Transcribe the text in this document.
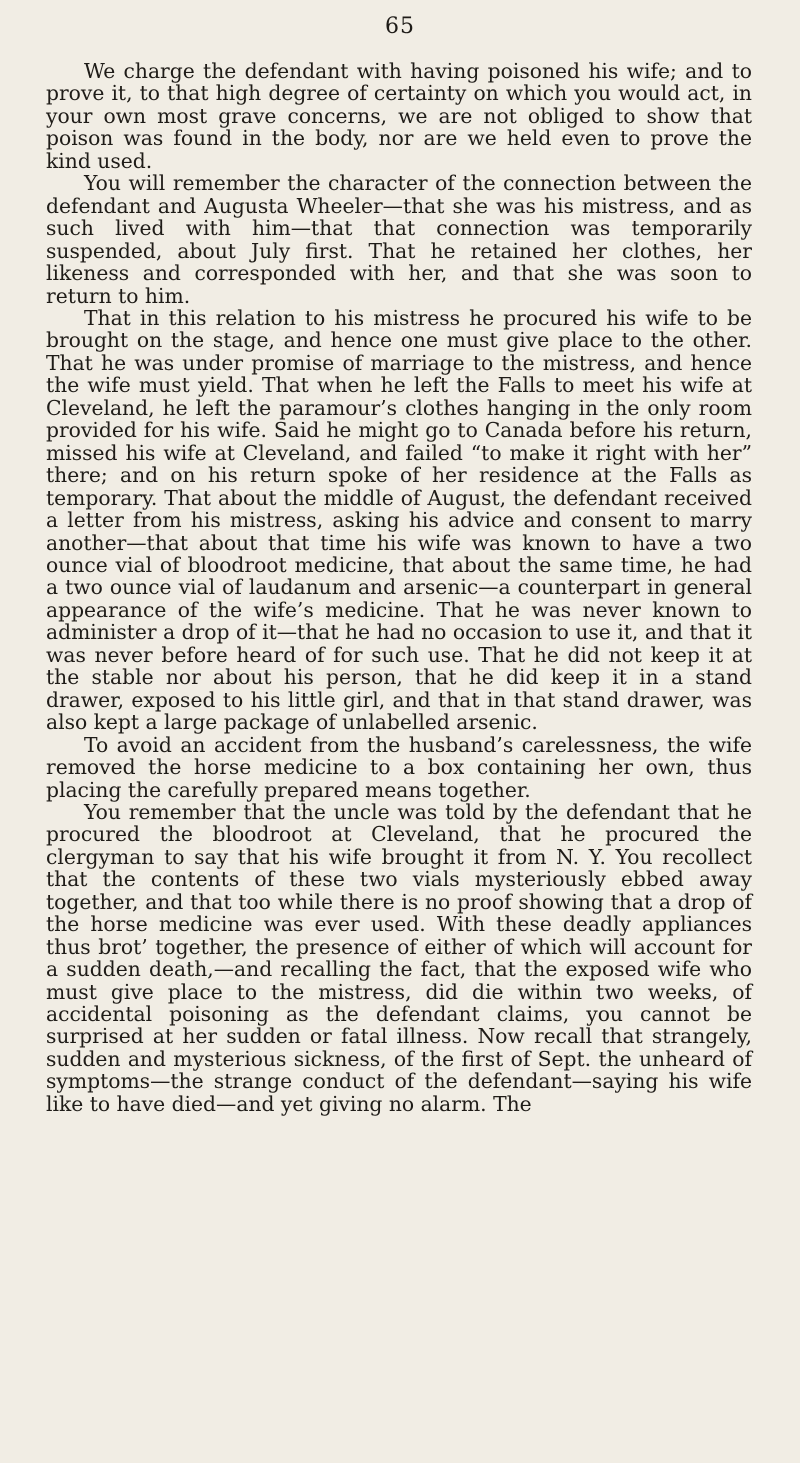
65

We charge the defendant with having poisoned his wife; and to prove it, to that high degree of certainty on which you would act, in your own most grave concerns, we are not obliged to show that poison was found in the body, nor are we held even to prove the kind used.

You will remember the character of the connection between the defendant and Augusta Wheeler—that she was his mistress, and as such lived with him—that that connection was temporarily suspended, about July first. That he retained her clothes, her likeness and corresponded with her, and that she was soon to return to him.

That in this relation to his mistress he procured his wife to be brought on the stage, and hence one must give place to the other. That he was under promise of marriage to the mistress, and hence the wife must yield. That when he left the Falls to meet his wife at Cleveland, he left the paramour’s clothes hanging in the only room provided for his wife. Said he might go to Canada before his return, missed his wife at Cleveland, and failed “to make it right with her” there; and on his return spoke of her residence at the Falls as temporary. That about the middle of August, the defendant received a letter from his mistress, asking his advice and consent to marry another—that about that time his wife was known to have a two ounce vial of bloodroot medicine, that about the same time, he had a two ounce vial of laudanum and arsenic—a counterpart in general appearance of the wife’s medicine. That he was never known to administer a drop of it—that he had no occasion to use it, and that it was never before heard of for such use. That he did not keep it at the stable nor about his person, that he did keep it in a stand drawer, exposed to his little girl, and that in that stand drawer, was also kept a large package of unlabelled arsenic.

To avoid an accident from the husband’s carelessness, the wife removed the horse medicine to a box containing her own, thus placing the carefully prepared means together.

You remember that the uncle was told by the defendant that he procured the bloodroot at Cleveland, that he procured the clergyman to say that his wife brought it from N. Y. You recollect that the contents of these two vials mysteriously ebbed away together, and that too while there is no proof showing that a drop of the horse medicine was ever used. With these deadly appliances thus brot’ together, the presence of either of which will account for a sudden death,—and recalling the fact, that the exposed wife who must give place to the mistress, did die within two weeks, of accidental poisoning as the defendant claims, you cannot be surprised at her sudden or fatal illness. Now recall that strangely, sudden and mysterious sickness, of the first of Sept. the unheard of symptoms—the strange conduct of the defendant—saying his wife like to have died—and yet giving no alarm. The
